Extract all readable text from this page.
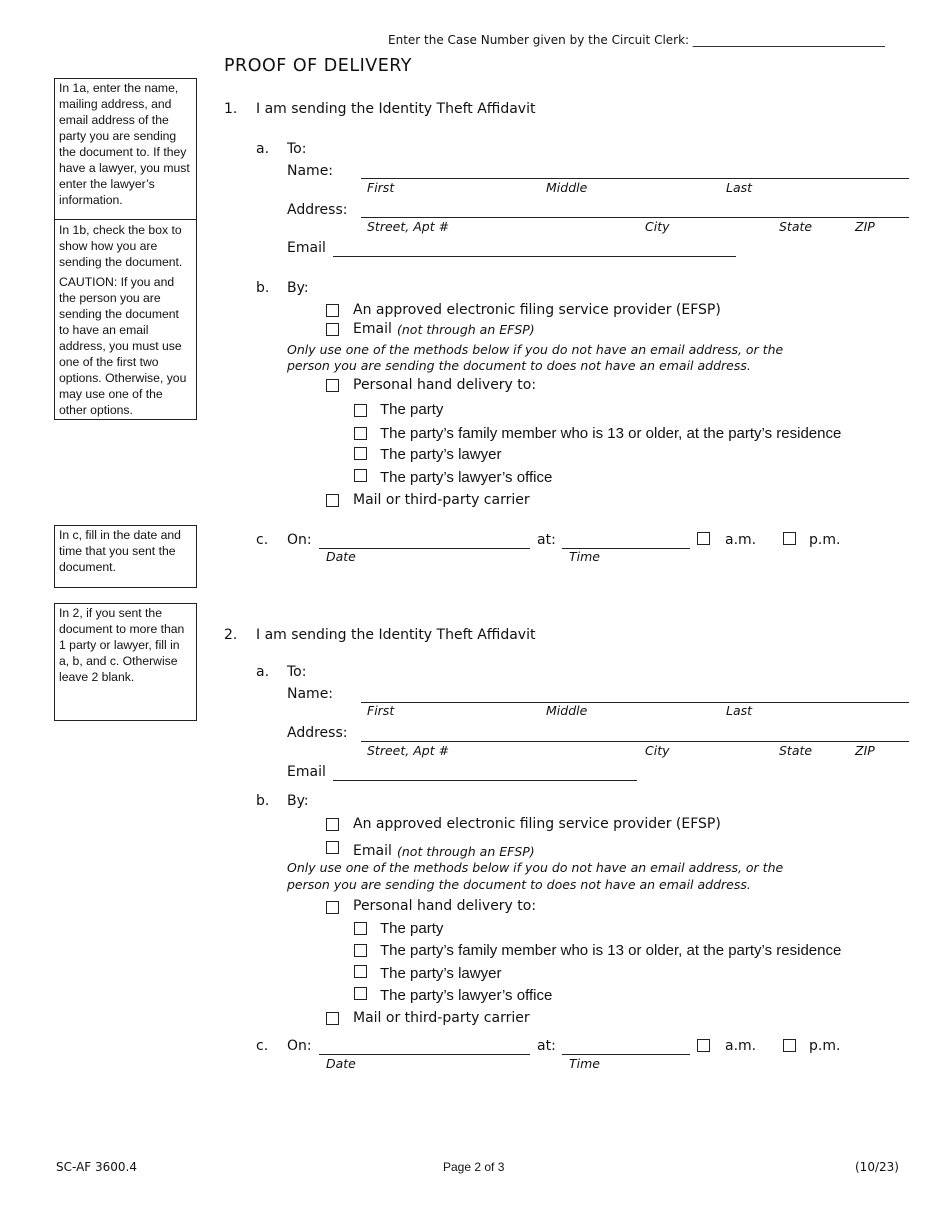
Enter the Case Number given by the Circuit Clerk: ________________________________
PROOF OF DELIVERY

In 1a, enter the name, mailing address, and email address of the party you are sending the document to. If they have a lawyer, you must enter the lawyer’s information.

In 1b, check the box to show how you are sending the document.

CAUTION: If you and the person you are sending the document to have an email address, you must use one of the first two options. Otherwise, you may use one of the other options.

In c, fill in the date and time that you sent the document.

In 2, if you sent the document to more than 1 party or lawyer, fill in a, b, and c. Otherwise leave 2 blank.

1. I am sending the Identity Theft Affidavit
a. To:
Name:
First	Middle	Last
Address:
Street, Apt #	City	State	ZIP
Email
b. By:
An approved electronic filing service provider (EFSP)
Email (not through an EFSP)
Only use one of the methods below if you do not have an email address, or the
person you are sending the document to does not have an email address.
Personal hand delivery to:
The party
The party’s family member who is 13 or older, at the party’s residence
The party’s lawyer
The party’s lawyer’s office
Mail or third-party carrier
c. On:
Date
at:
Time
a.m.	p.m.
2. I am sending the Identity Theft Affidavit
a. To:
Name:
First	Middle	Last
Address:
Street, Apt #	City	State	ZIP
Email
b. By:
An approved electronic filing service provider (EFSP)
Email (not through an EFSP)
Only use one of the methods below if you do not have an email address, or the
person you are sending the document to does not have an email address.
Personal hand delivery to:
The party
The party’s family member who is 13 or older, at the party’s residence
The party’s lawyer
The party’s lawyer’s office
Mail or third-party carrier
c. On:
Date
at:
Time
a.m.	p.m.
SC-AF 3600.4	Page 2 of 3	(10/23)
